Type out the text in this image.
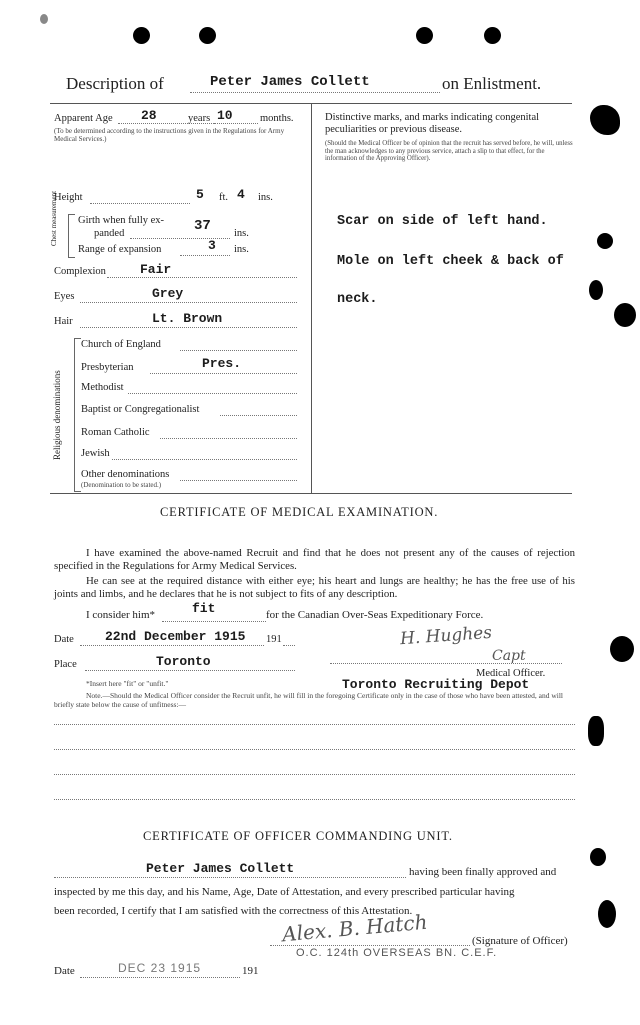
Description of	Peter James Collett	on Enlistment.
Apparent Age 28	years 10	months.
(To be determined according to the instructions given in the Regulations for Army Medical Services.)
Height	5 ft. 4 ins.
Chest measurement Girth when fully ex-
panded	37 ins.
Range of expansion	3 ins.
Complexion	Fair
Eyes	Grey
Hair	Lt. Brown
Religious denominations
Church of England
Presbyterian	Pres.
Methodist
Baptist or Congregationalist
Roman Catholic
Jewish
Other denominations
(Denomination to be stated.)
Distinctive marks, and marks indicating congenital peculiarities or previous disease.
(Should the Medical Officer be of opinion that the recruit has served before, he will, unless the man acknowledges to any previous service, attach a slip to that effect, for the information of the Approving Officer).
Scar on side of left hand.
Mole on left cheek & back of
neck.
CERTIFICATE OF MEDICAL EXAMINATION.
I have examined the above-named Recruit and find that he does not present any of the causes of rejection specified in the Regulations for Army Medical Services.
He can see at the required distance with either eye; his heart and lungs are healthy; he has the free use of his joints and limbs, and he declares that he is not subject to fits of any description.
I consider him*	fit	for the Canadian Over-Seas Expeditionary Force.
Date 22nd December 1915 191
Place	Toronto
H. Hughes
Capt
Medical Officer.
*Insert here "fit" or "unfit."	Toronto Recruiting Depot
Note.—Should the Medical Officer consider the Recruit unfit, he will fill in the foregoing Certificate only in the case of those who have been attested, and will briefly state below the cause of unfitness:—
CERTIFICATE OF OFFICER COMMANDING UNIT.
Peter James Collett	having been finally approved and
inspected by me this day, and his Name, Age, Date of Attestation, and every prescribed particular having
been recorded, I certify that I am satisfied with the correctness of this Attestation.
Alex. B. Hatch	(Signature of Officer)
O.C. 124th OVERSEAS BN. C.E.F.
Date	DEC 23 1915	191
